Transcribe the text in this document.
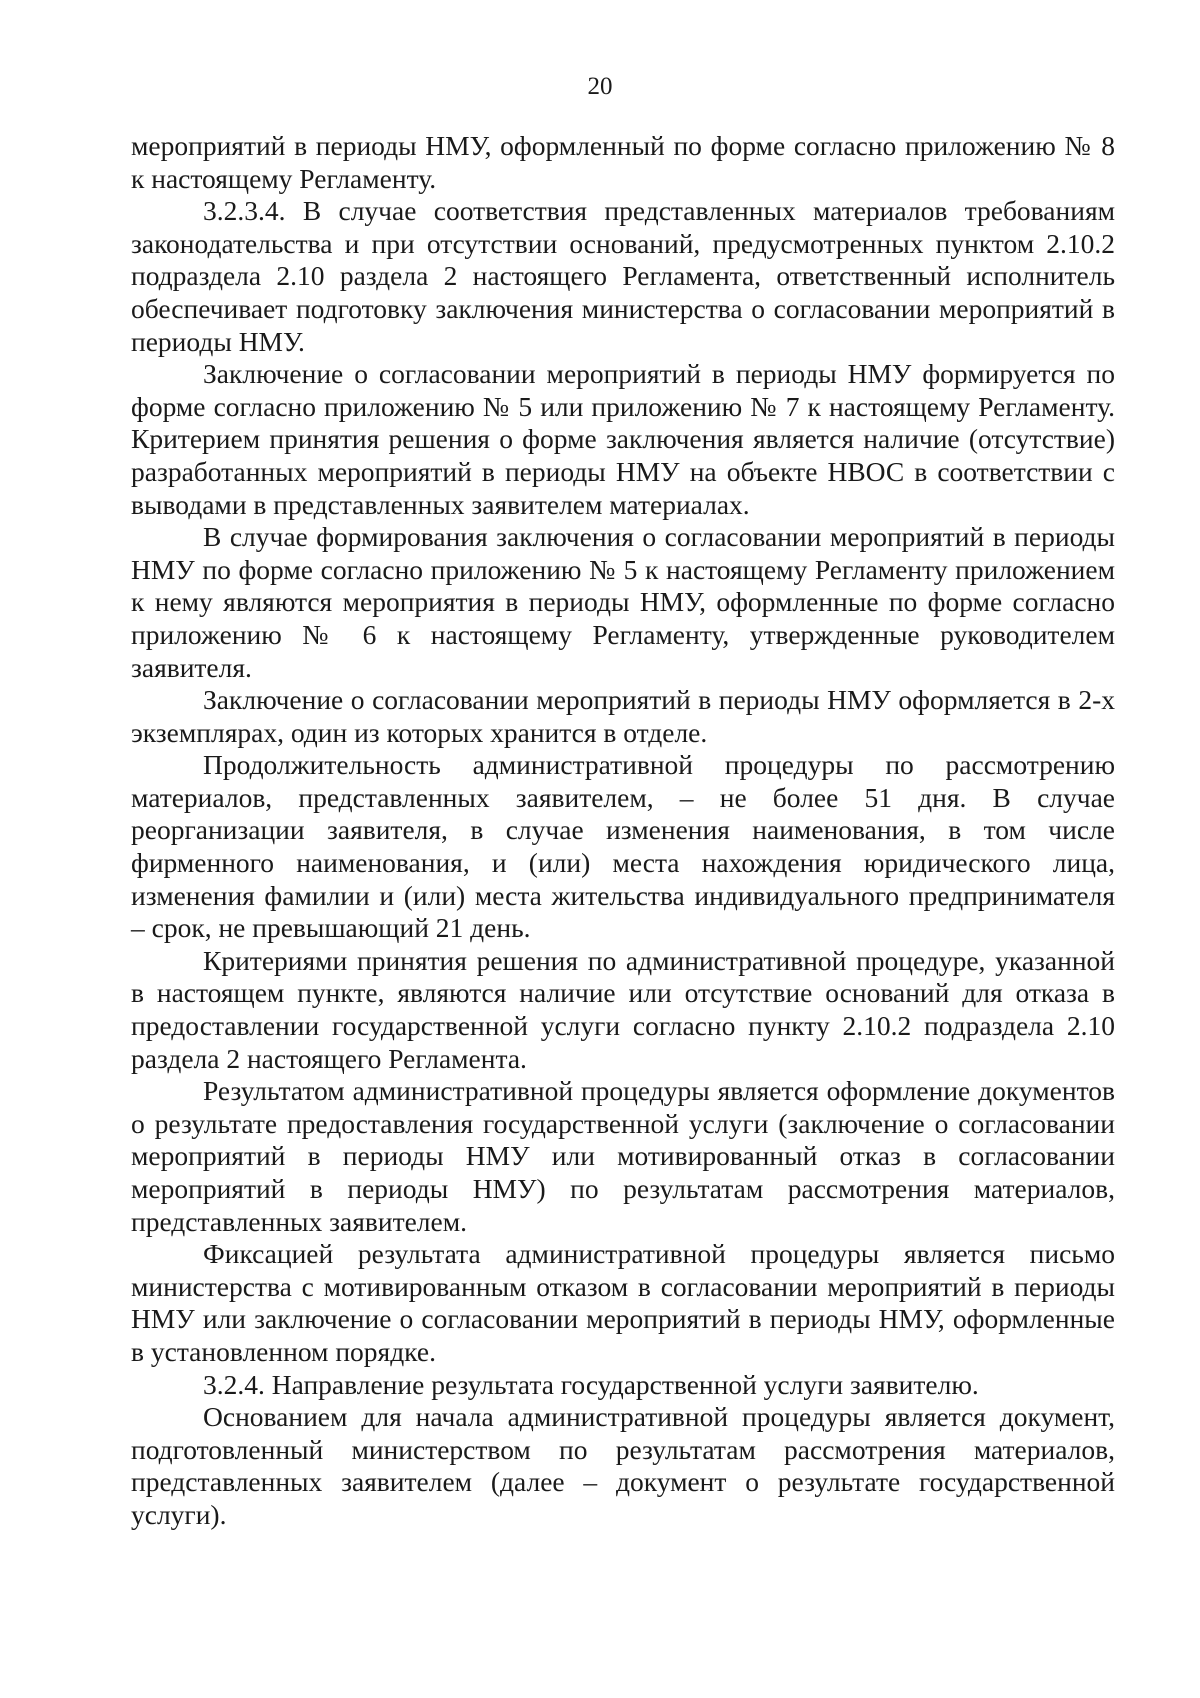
20

мероприятий в периоды НМУ, оформленный по форме согласно приложению № 8 к настоящему Регламенту.

3.2.3.4. В случае соответствия представленных материалов требованиям законодательства и при отсутствии оснований, предусмотренных пунктом 2.10.2 подраздела 2.10 раздела 2 настоящего Регламента, ответственный исполнитель обеспечивает подготовку заключения министерства о согласовании мероприятий в периоды НМУ.

Заключение о согласовании мероприятий в периоды НМУ формируется по форме согласно приложению № 5 или приложению № 7 к настоящему Регламенту. Критерием принятия решения о форме заключения является наличие (отсутствие) разработанных мероприятий в периоды НМУ на объекте НВОС в соответствии с выводами в представленных заявителем материалах.

В случае формирования заключения о согласовании мероприятий в периоды НМУ по форме согласно приложению № 5 к настоящему Регламенту приложением к нему являются мероприятия в периоды НМУ, оформленные по форме согласно приложению № 6 к настоящему Регламенту, утвержденные руководителем заявителя.

Заключение о согласовании мероприятий в периоды НМУ оформляется в 2-х экземплярах, один из которых хранится в отделе.

Продолжительность административной процедуры по рассмотрению материалов, представленных заявителем, – не более 51 дня. В случае реорганизации заявителя, в случае изменения наименования, в том числе фирменного наименования, и (или) места нахождения юридического лица, изменения фамилии и (или) места жительства индивидуального предпринимателя – срок, не превышающий 21 день.

Критериями принятия решения по административной процедуре, указанной в настоящем пункте, являются наличие или отсутствие оснований для отказа в предоставлении государственной услуги согласно пункту 2.10.2 подраздела 2.10 раздела 2 настоящего Регламента.

Результатом административной процедуры является оформление документов о результате предоставления государственной услуги (заключение о согласовании мероприятий в периоды НМУ или мотивированный отказ в согласовании мероприятий в периоды НМУ) по результатам рассмотрения материалов, представленных заявителем.

Фиксацией результата административной процедуры является письмо министерства с мотивированным отказом в согласовании мероприятий в периоды НМУ или заключение о согласовании мероприятий в периоды НМУ, оформленные в установленном порядке.

3.2.4. Направление результата государственной услуги заявителю.

Основанием для начала административной процедуры является документ, подготовленный министерством по результатам рассмотрения материалов, представленных заявителем (далее – документ о результате государственной услуги).
